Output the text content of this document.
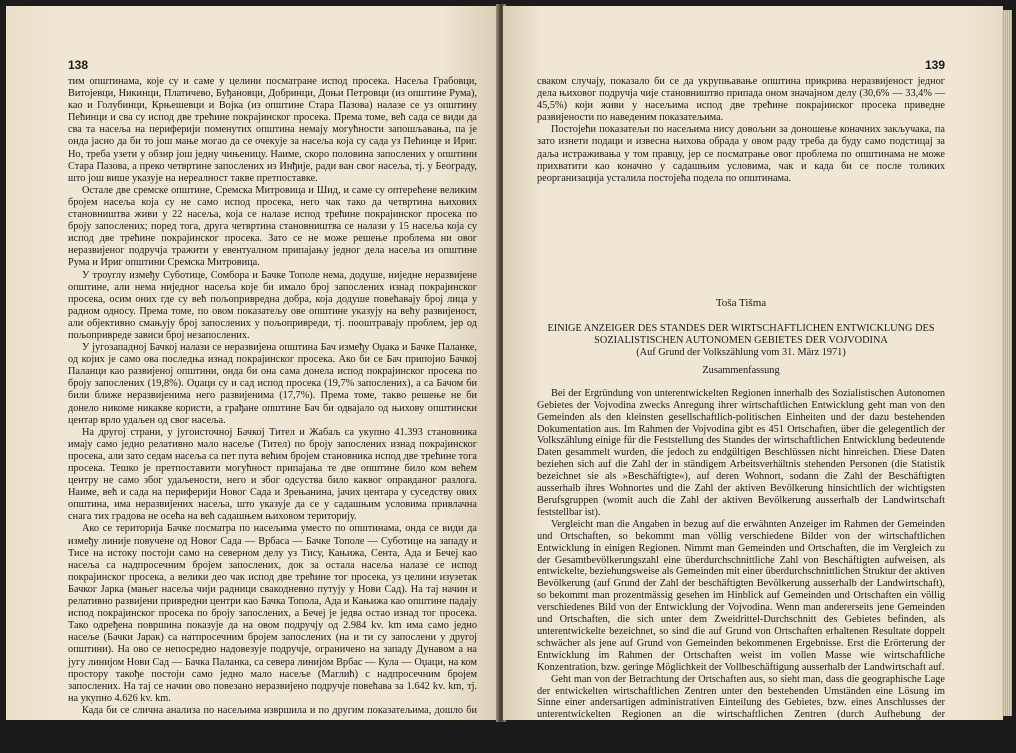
138

тим општинама, које су и саме у целини посматране испод просека. Насеља Грабовци, Витојевци, Никинци, Платичево, Буђановци, Добринци, Доњи Петровци (из општине Рума), као и Голубинци, Крњешевци и Војка (из општине Стара Пазова) налазе се уз општину Пећинци и сва су испод две трећине покрајинског просека. Према томе, већ сада се види да сва та насеља на периферији поменутих општина немају могућности запошљавања, па је онда јасно да би то још мање могао да се очекује за насеља која су сада уз Пећинце и Ириг. Но, треба узети у обзир још једну чињеницу. Наиме, скоро половина запослених у општини Стара Пазова, а преко четвртине запослених из Инђије, ради ван свог насеља, тј. у Београду, што још више указује на нереалност такве претпоставке.

Остале две сремске општине, Сремска Митровица и Шид, и саме су оптерећене великим бројем насеља која су не само испод просека, него чак тако да четвртина њихових становништва живи у 22 насеља, која се налазе испод трећине покрајинског просека по броју запослених; поред тога, друга четвртина становништва се налази у 15 насеља која су испод две трећине покрајинског просека. Зато се не може решење проблема ни овог неразвијеног подручја тражити у евентуалном припајању једног дела насеља из општине Рума и Ириг општини Сремска Митровица.

У троуглу између Суботице, Сомбора и Бачке Тополе нема, додуше, ниједне неразвијене општине, али нема ниједног насеља које би имало број запослених изнад покрајинског просека, осим оних где су већ пољопривредна добра, која додуше повећавају број лица у радном односу. Према томе, по овом показатељу ове општине указују на већу развијеност, али објективно смањују број запослених у пољопривреди, тј. пооштравају проблем, јер од пољопривреде зависи број незапослених.

У југозападној Бачкој налази се неразвијена општина Бач између Оџака и Бачке Паланке, од којих је само ова последња изнад покрајинског просека. Ако би се Бач припојио Бачкој Паланци као развијеној општини, онда би она сама донела испод покрајинског просека по броју запослених (19,8%). Оџаци су и сад испод просека (19,7% запослених), а са Бачом би били ближе неразвијенима него развијенима (17,7%). Према томе, такво решење не би донело никоме никакве користи, а грађане општине Бач би одвајало од њихову општински центар врло удаљен од свог насеља.

На другој страни, у југоисточној Бачкој Тител и Жабаљ са укупно 41.393 становника имају само једно релативно мало насеље (Тител) по броју запослених изнад покрајинског просека, али зато седам насеља са пет пута већим бројем становника испод две трећине тога просека. Тешко је претпоставити могућност припајања те две општине било ком већем центру не само због удаљености, него и због одсуства било каквог оправданог разлога. Наиме, већ и сада на периферији Новог Сада и Зрењанина, јачих центара у суседству ових општина, има неразвијених насеља, што указује да се у садашњим условима привлачна снага тих градова не осећа на већ садашњем њиховом територију.

Ако се територија Бачке посматра по насељима уместо по општинама, онда се види да између линије повучене од Новог Сада — Врбаса — Бачке Тополе — Суботице на западу и Тисе на истоку постоји само на северном делу уз Тису, Кањижа, Сента, Ада и Бечеј као насеља са надпросечним бројем запослених, док за остала насеља налазе се испод покрајинског просека, а велики део чак испод две трећине тог просека, уз целини изузетак Бачког Јарка (мањег насеља чији радници свакодневно путују у Нови Сад). На тај начин и релативно развијени привредни центри као Бачка Топола, Ада и Кањижа као општине падају испод покрајинског просека по броју запослених, а Бечеј је једва остао изнад тог просека. Тако одређена површина показује да на овом подручју од 2.984 kv. km има само једно насеље (Бачки Јарак) са натпросечним бројем запослених (на и ти су запослени у другој општини). На ово се непосредно надовезује подручје, ограничено на западу Дунавом а на југу линијом Нови Сад — Бачка Паланка, са севера линијом Врбас — Кула — Оџаци, на ком простору такође постоји само једно мало насеље (Маглић) с надпросечним бројем запослених. На тај се начин ово повезано неразвијено подручје повећава за 1.642 kv. km, тј. на укупно 4.626 kv. km.

Када би се слична анализа по насељима извршила и по другим показатељима, дошло би се до сличних резултата, односно по односу непољопривредног у укупном активном становништву слика би била нешто повољнија, али по учешћу запослених у свом насељу у укупном становништву нешто слабија. У

139

сваком случају, показало би се да укрупњавање општина прикрива неразвијеност једног дела њиховог подручја чије становништво припада оном значајном делу (30,6% — 33,4% — 45,5%) који живи у насељима испод две трећине покрајинског просека приведне развијености по наведеним показатељима.

Постојећи показатељи по насељима нису довољни за доношење коначних закључака, па зато изнети подаци и извесна њихова обрада у овом раду треба да буду само подстицај за даља истраживања у том правцу, јер се посматрање овог проблема по општинама не може прихватити као коначно у садашњим условима, чак и када би се после толиких реорганизација усталила постојећа подела по општинама.

Toša Tišma

EINIGE ANZEIGER DES STANDES DER WIRTSCHAFTLICHEN ENTWICKLUNG DES SOZIALISTISCHEN AUTONOMEN GEBIETES DER VOJVODINA

(Auf Grund der Volkszählung vom 31. März 1971)

Zusammenfassung

Bei der Ergründung von unterentwickelten Regionen innerhalb des Sozialistischen Autonomen Gebietes der Vojvodina zwecks Anregung ihrer wirtschaftlichen Entwicklung geht man von den Gemeinden als den kleinsten gesellschaftlich-politischen Einheiten und der dazu bestehenden Dokumentation aus. Im Rahmen der Vojvodina gibt es 451 Ortschaften, über die gelegentlich der Volkszählung einige für die Feststellung des Standes der wirtschaftlichen Entwicklung bedeutende Daten gesammelt wurden, die jedoch zu endgültigen Beschlüssen nicht hinreichen. Diese Daten beziehen sich auf die Zahl der in ständigem Arbeitsverhältnis stehenden Personen (die Statistik bezeichnet sie als »Beschäftigte«), auf deren Wohnort, sodann die Zahl der Beschäftigten ausserhalb ihres Wohnortes und die Zahl der aktiven Bevölkerung hinsichtlich der wichtigsten Berufsgruppen (womit auch die Zahl der aktiven Bevölkerung ausserhalb der Landwirtschaft feststellbar ist).

Vergleicht man die Angaben in bezug auf die erwähnten Anzeiger im Rahmen der Gemeinden und Ortschaften, so bekommt man völlig verschiedene Bilder von der wirtschaftlichen Entwicklung in einigen Regionen. Nimmt man Gemeinden und Ortschaften, die im Vergleich zu der Gesamtbevölkerungszahl eine überdurchschnittliche Zahl von Beschäftigten aufweisen, als entwickelte, beziehungsweise als Gemeinden mit einer überdurchschnittlichen Struktur der aktiven Bevölkerung (auf Grund der Zahl der beschäftigten Bevölkerung ausserhalb der Landwirtschaft), so bekommt man prozentmässig gesehen im Hinblick auf Gemeinden und Ortschaften ein völlig verschiedenes Bild von der Entwicklung der Vojvodina. Wenn man andererseits jene Gemeinden und Ortschaften, die sich unter dem Zweidrittel-Durchschnitt des Gebietes befinden, als unterentwickelte bezeichnet, so sind die auf Grund von Ortschaften erhaltenen Resultate doppelt schwächer als jene auf Grund von Gemeinden bekommenen Ergebnisse. Erst die Erörterung der Entwicklung im Rahmen der Ortschaften weist im vollen Masse wie wirtschaftliche Konzentration, bzw. geringe Möglichkeit der Vollbeschäftigung ausserhalb der Landwirtschaft auf.

Geht man von der Betrachtung der Ortschaften aus, so sieht man, dass die geographische Lage der entwickelten wirtschaftlichen Zentren unter den bestehenden Umständen eine Lösung im Sinne einer andersartigen administrativen Einteilung des Gebietes, bzw. eines Anschlusses der unterentwickelten Regionen an die wirtschaftlichen Zentren (durch Aufhebung der unterentwickelten Gemeinden), nicht zulässt.
